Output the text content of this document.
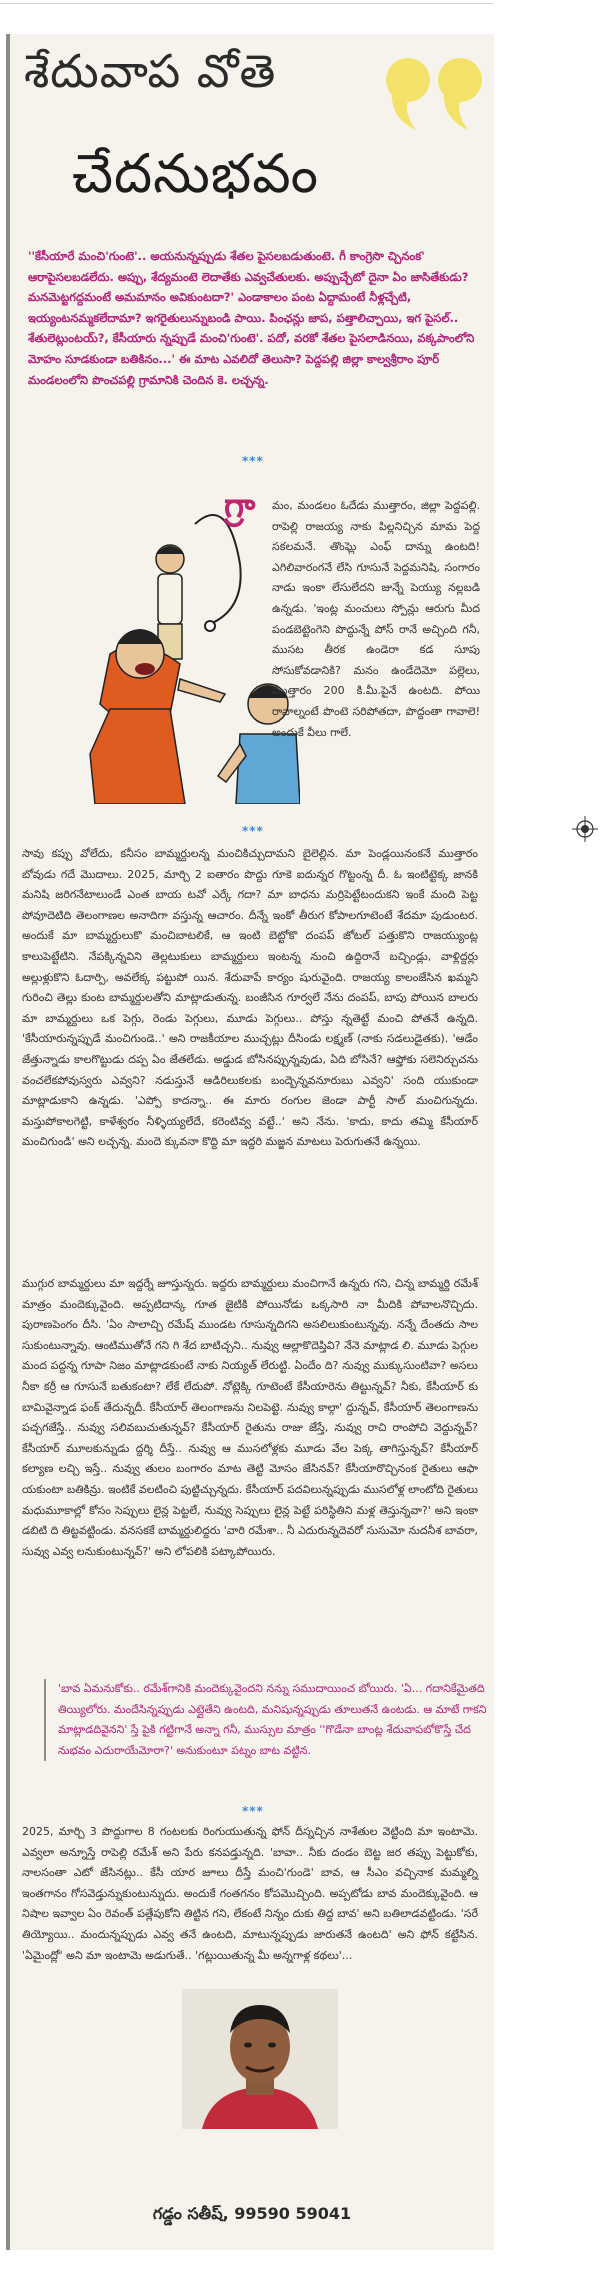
శేదువాప వోతె
చేదనుభవం
''కేసీయారే మంచి'గుంటె'.. అయనున్నప్పుడు శేతల పైసలబడుతుంటె. గీ కాంగ్రెసొ చ్చినంక' ఆరాపైసలబడలేదు. అప్పు, శేద్యమంటె లెదాతేకు ఎవ్వచేతులకు. అప్పుచ్చేటో దైనా ఏం జాసితేకుడు? మనమెట్టగద్దమంటే అమమానం అవికుంటదా?' ఎండాకాలం పంట ఏద్దామంటే నీళ్లచ్చేటి, ఇయ్యంటనమ్మకలేదామా? ఇగరైతులున్నుబండి పాయి. పింఛన్లు జాప, పత్తాలిచ్చాయి, ఇగ పైసల్.. శేతులెట్లుంటయ్?, కేసీయారు న్నప్పుడే మంచి'గుంటె'. పదో, వరకో శేతల పైసలాడినయి, వక్కపాంలోని మోహం సూడకుండా బతికినం...' ఈ మాట ఎవలిదో తెలుసా? పెద్దపల్లి జిల్లా కాల్వశ్రీరాం పూర్ మండలంలోని పొంచపల్లి గ్రామానికి చెందిన కె. లచ్చన్న.
***
గ్రా మం, మండలం ఓదేడు ముత్తారం, జిల్లా పెద్దపల్లి. రాపెల్లి రాజయ్య నాకు పిల్లనిచ్చిన మామ పెద్ద సకలమనే. తొంఘ్లె ఎంఫ్ దాన్ను ఉంటది! ఎగిలివారంగనే లేసి గూసునే పెద్దమనిషి, సంగారం నాడు ఇంకా లేసులేదని జున్నే పెయ్యు నల్లబడి ఉన్నడు. 'ఇంట్ల మంచులు స్పోన్లు ఆరుగు మీద పండబెట్టెంగెని పొద్దున్నే పోస్ రానే అచ్చింది గనీ, ముసట తీరక ఉండెరా కడ సూపు సోసుకోవడానికి? మనం ఉండేదెమో పల్లెలు, ముత్తారం 200 కి.మీ.పైనే ఉంటది. పోయి రావాల్నంటే పొంటె సరిపోతదా, పొద్దంతా గావాలె! అందుకే వీలు గాలే.
***
సావు కప్పు వోలేదు, కనీసం బామ్మర్దులన్న మంచికిచ్చుదామని బైలెల్లిన. మా పెండ్లయినంకనే ముత్తారం బోవుడు గదే మొదాలు. 2025, మార్చి 2 ఐతారం పొద్దు గూకె ఐదున్నర గొట్టంన్న దీ. ఓ ఇంటిట్టెక్క జానకి మనిషి జరిగనేటాలుండే ఎంత బాయ టవో ఎర్కే గదా? మా బాధను మర్రిపెట్టేటందుకని ఇంకే మంది పెట్ట పోవూదెటిది తెలంగాణల అనాదిగా వస్తున్న ఆచారం. దీన్నే ఇంకో తీరుగ కోపాలగూటెంటే శేదమా పుడుంటర. అందుకే మా బామ్మర్దులుకొ మంచిబాటలికే, ఆ ఇంటి బెట్టోకొ దంపప్ జోటల్ పత్తుకొని రాజయ్యుంట్ల కాలుపెట్టేటిని. నేపక్కిన్నవిని తెల్లటుకులు బామ్మర్దులు ఇంటన్న నుంచి ఉద్దిరానే బచ్చిండ్లు, వాళ్లిద్దర్లు అల్లుళ్లుకొని ఓదార్పి, అవలేక్క పట్టుపో యిన. శేదువాపే కార్యం షురువైంది. రాజయ్య కాలంజేసిన ఖమ్మని గురించి తెల్లు కుంట బామ్మర్దులతోని మాట్లాడుతున్న. బంజీసిన గూర్వలే నేను దంపప్, బాపు పోయిన బాలరు మా బామ్మర్దులు ఒక పెగ్గు, రెండు పెగ్గులు, మూడు పెగ్గులు.. పోస్తు న్నతెట్టే మంచి పోతనే ఉన్నది. 'కేసీయారున్నప్పుడే మంచిగుండె..' అని రాజకీయాల ముచ్చట్లు దీసిండు లక్ష్మణ్ (నాకు సడలుడైతకు). 'ఆడేం జేత్తున్నాడు కాలగొట్టుడు దప్ప ఏం జేతలేడు. అడ్డుడ బోసినప్పున్నవుడు, ఏది బోసినే? ఆఫ్తోకు సలెనిర్చుచను వంచలేకపోవుస్వరు ఎవ్వని? నడుస్తునే ఆడిరిలుకలకు బంద్బెన్నవనూరుబు ఎవ్వని' సంది యుకుండా మాట్లాడుకాని ఉన్నడు. 'ఎప్పో కాదన్నా.. ఈ మారు రంగుల జెండా పార్టీ సాల్ మంచిగున్నదు. మస్తుపోకాలగెట్టి, కాళేశ్వరం నీళ్ళియ్యలేదే, కరెంటివ్వ వట్టే..' అని నేను. 'కాదు, కాదు తమ్మి కేసీయార్ మంచిగుండి' అని లచ్చన్న. మందె క్కువనా కొద్ది మా ఇద్దరి మజ్జన మాటలు పెరుగుతనే ఉన్నయి.
ముగ్గుర బామ్మర్దులు మా ఇద్దర్నే జూస్తున్నరు. ఇద్దరు బామ్మర్దులు మంచిగానే ఉన్నరు గని, చిన్న బామ్మర్ది రమేశ్ మాత్రం మందెక్కువైంది. అప్పటిదాన్క గూత జైటికి పోయినోడు ఒక్కసారి నా మీదికి పోవాలనొచ్చిదు. పురాణపెంగం దీసి. 'ఏం సాలాచ్చి రమేష్ ముండట గూసున్నదిగని అసలిలుకుంటున్నవు. నన్నే దేంతదు సాల సుకుంటున్నావు. ఆంటిముతోనే గని గి శేద బాటిచ్చని.. నువ్వు ఆల్లాకొదెప్తివి? నేనె మాట్లాడ లి. మూడు పెగ్గుల మంద పద్దన్న గూపా నిజం మాట్లాడకుంటే నాకు నియ్యత్ లేరుట్టి. ఏందేం ది? నువ్వు ముక్కుసుంటివా? అసలు నీకా కర్రీ ఆ గూసునే బతుకంటా? లేకే లేదుపో. నోట్లెక్కి గూటెంటే కేసీయారెను తిట్టున్నవ్? నీకు, కేసీయార్ కు బామివైన్నాడ ఫంక్ తేదున్నదీ. కేసీయార్ తెలంగాణను నిలపెట్టె. నువ్వు కాల్గా' ద్దున్నవ్, కేసీయార్ తెలంగాణను పచ్చగజేస్తే.. నువ్వు సలివబుచుతున్నవ్? కేసీయార్ రైతును రాజు జేస్తే, నువ్వు రాచి రాంపోచి వెద్దున్నవ్? కేసీయార్ మూలకున్నుడు ద్దర్శి దీస్తే.. నువ్వు ఆ ముసలోళ్లకు మూడు వేల పెక్క తాగిస్తున్నవ్? కేసీయార్ కల్యాణ లచ్చి ఇస్తే.. నువ్వు తులం బంగారం మాట తెట్టి మోసం జేసినవ్? కేసీయారొచ్చినంక రైతులు ఆఫా యకుంటా బతికిన్రు. ఇంటికే వలటించి పుట్టిచ్చున్నదు. కేసీయార్ పదవిలున్నప్పుడు ముసలోళ్ల లాంటోది రైతులు మధుమూకాల్లో కోసం సెప్పులు లైన్ల పెట్టలే, నువ్వు సెప్పులు లైన్ల పెట్టే పరిస్థితిని మళ్ల తెస్తున్నవా?' అని ఇంకా డబిటి ది తిట్టవట్టిండు. వనసకకే బామ్మర్దులిద్దరు 'వారి రమేశా.. నీ ఎదురున్నదెవరో సుసుమో నుదనీశ బావరా, సువ్వు ఎవ్వ లనుకుంటున్నవ్?' అని లోపలికి పట్కాపోయిరు.
'బావ ఏమనుకోకు.. రమేశ్‌గానికి మందెక్కువైందని నన్ను సముదాయించ బోయిరు. 'ఏ... గదానికేమైతది తియ్యిలోరు. మందేసిన్నప్పుడు ఎట్లైతేని ఉంటది, మనిషున్నప్పుడు తూలుతనే ఉంటడు. ఆ మాటే గాకని మాట్లాడదివైనని' స్తే పైకి గట్టిగానే అన్నా గనీ, ముస్సుల మాత్రం ''గొడేనా బాంట్ల శేదువాపబోకొస్తే చేద నుభవం ఎదురాయేమోరా?' అనుకుంటూ పట్నం బాట వట్టిన.
***
2025, మార్చి 3 పొద్దుగాల 8 గంటలకు రింగుయుతున్న ఫోన్ దీస్నచ్చిన నాశేతుల వెట్టింది మా ఇంటామె. ఎవ్వలా అన్నూస్తే రాపెల్లి రమేశ్ అని పేరు కనపడ్తున్నది. 'బావా.. నీకు దండం బెట్ట జర తప్పు పెట్టుకోకు, నాలసంతా ఎటో జేసినట్లు.. కేసీ యార జూలు దీస్తే మంచి'గుండె' బావ, ఆ సీఎం వచ్చినాక మమ్మల్ని ఇంతగానం గోసవెడ్తున్నుకుంటున్నుదు. అందుకే గంతగనం కోపమొచ్చింది. అప్పటోడు బావ మందెక్కువైంది. ఆ నిషాల ఇవ్వాల ఏం రెవంత్ పత్లేపుకోని తిట్టిన గని, లేకంటే నిన్నం దుకు తిద్ద బావ' అని బతిలాడవట్టిండు. 'సరే తియ్యోయి.. మందున్నప్పుడు ఎవ్వ తనే ఉంటది, మాటున్నప్పుడు జారుతనే ఉంటది' అని ఫోన్ కట్టేసిన. 'ఏమైంద్లో' అని మా ఇంటామె అడుగుతే.. 'గట్లుయితున్న మీ అన్నగాళ్ల కథలు'...
గడ్డం సతీష్, 99590 59041
